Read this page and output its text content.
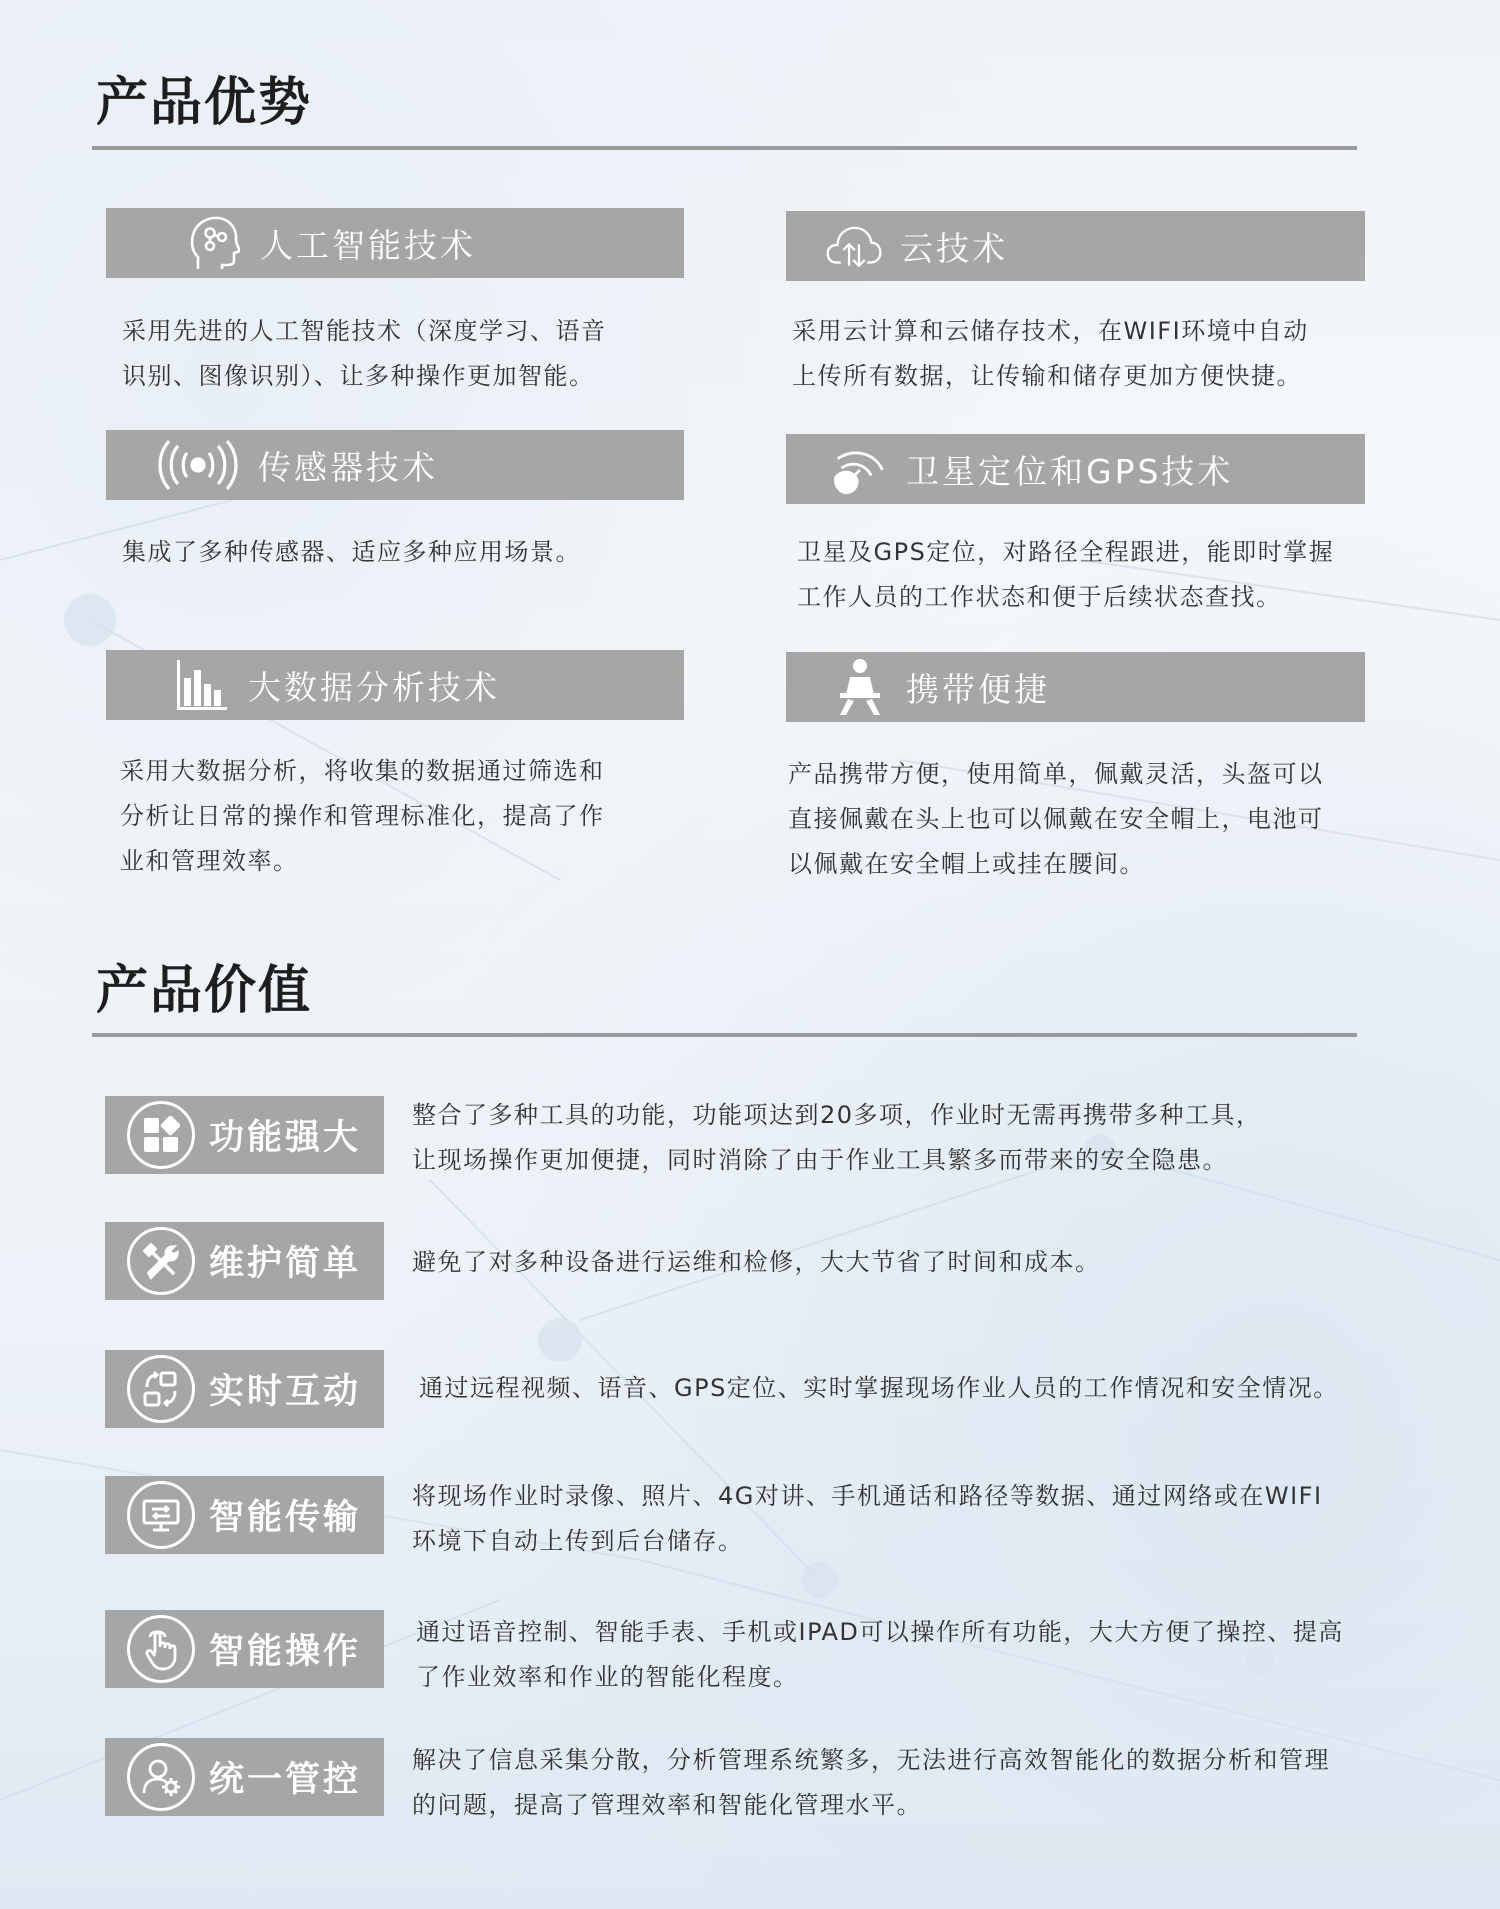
产品优势
人工智能技术
采用先进的人工智能技术（深度学习、语音
识别、图像识别）、让多种操作更加智能。
云技术
采用云计算和云储存技术，在WIFI环境中自动
上传所有数据，让传输和储存更加方便快捷。
传感器技术
集成了多种传感器、适应多种应用场景。
卫星定位和GPS技术
卫星及GPS定位，对路径全程跟进，能即时掌握
工作人员的工作状态和便于后续状态查找。
大数据分析技术
采用大数据分析，将收集的数据通过筛选和
分析让日常的操作和管理标准化，提高了作
业和管理效率。
携带便捷
产品携带方便，使用简单，佩戴灵活，头盔可以
直接佩戴在头上也可以佩戴在安全帽上，电池可
以佩戴在安全帽上或挂在腰间。
产品价值
功能强大
整合了多种工具的功能，功能项达到20多项，作业时无需再携带多种工具，
让现场操作更加便捷，同时消除了由于作业工具繁多而带来的安全隐患。
维护简单 避免了对多种设备进行运维和检修，大大节省了时间和成本。
实时互动 通过远程视频、语音、GPS定位、实时掌握现场作业人员的工作情况和安全情况。
智能传输
将现场作业时录像、照片、4G对讲、手机通话和路径等数据、通过网络或在WIFI
环境下自动上传到后台储存。
智能操作 通过语音控制、智能手表、手机或IPAD可以操作所有功能，大大方便了操控、提高
了作业效率和作业的智能化程度。
统一管控 解决了信息采集分散，分析管理系统繁多，无法进行高效智能化的数据分析和管理
的问题，提高了管理效率和智能化管理水平。
